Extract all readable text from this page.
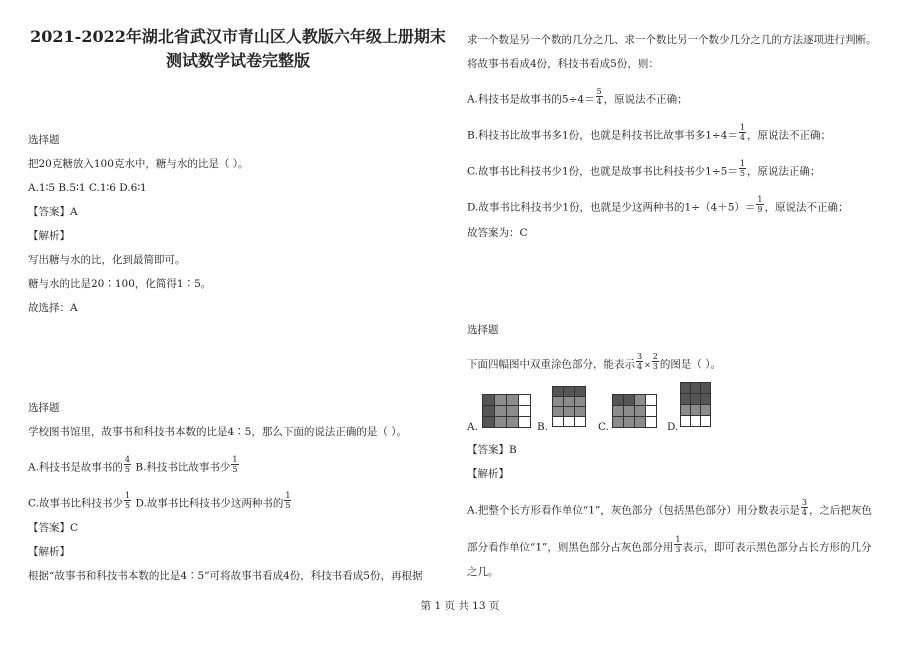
2021-2022年湖北省武汉市青山区人教版六年级上册期末
测试数学试卷完整版
选择题
把20克糖放入100克水中，糖与水的比是（ ）。
A.1∶5 B.5∶1 C.1∶6 D.6∶1
【答案】A
【解析】
写出糖与水的比，化到最简即可。
糖与水的比是20∶100，化简得1∶5。
故选择：A
选择题
学校图书馆里，故事书和科技书本数的比是4∶5，那么下面的说法正确的是（ ）。
A.科技书是故事书的 $\frac{4}{5} B$.科技书比故事书少 $\frac{1}{5}$
C.故事书比科技书少 $\frac{1}{5} D$.故事书比科技书少这两种书的 $\frac{1}{5}$
【答案】C
【解析】
根据“故事书和科技书本数的比是4∶5”可将故事书看成4份，科技书看成5份，再根据
求一个数是另一个数的几分之几、求一个数比另一个数少几分之几的方法逐项进行判断。
将故事书看成4份，科技书看成5份，则：
A.科技书是故事书的$5\div 4= \frac{5}{4}$ ，原说法不正确；
B.科技书比故事书多1份，也就是科技书比故事书多$1\div 4= \frac{1}{4}$ ，原说法不正确；
C.故事书比科技书少1份，也就是故事书比科技书少$1\div 5= \frac{1}{5}$ ，原说法正确；
D.故事书比科技书少1份，也就是少这两种书的$1\div(4+5)= \frac{1}{9}$ ，原说法不正确；
故答案为：C
选择题
下面四幅图中双重涂色部分，能表示 $\frac{3}{4} \times \frac{2}{3}$ 的图是（ ）。
A.	B.	C.	D.
【答案】B
【解析】
A.把整个长方形看作单位“1”，灰色部分（包括黑色部分）用分数表示是 $\frac{3}{4}$ ，之后把灰色
部分看作单位“1”，则黑色部分占灰色部分用 $\frac{1}{3}$ 表示，即可表示黑色部分占长方形的几分
之几。
第 1 页 共 13 页
